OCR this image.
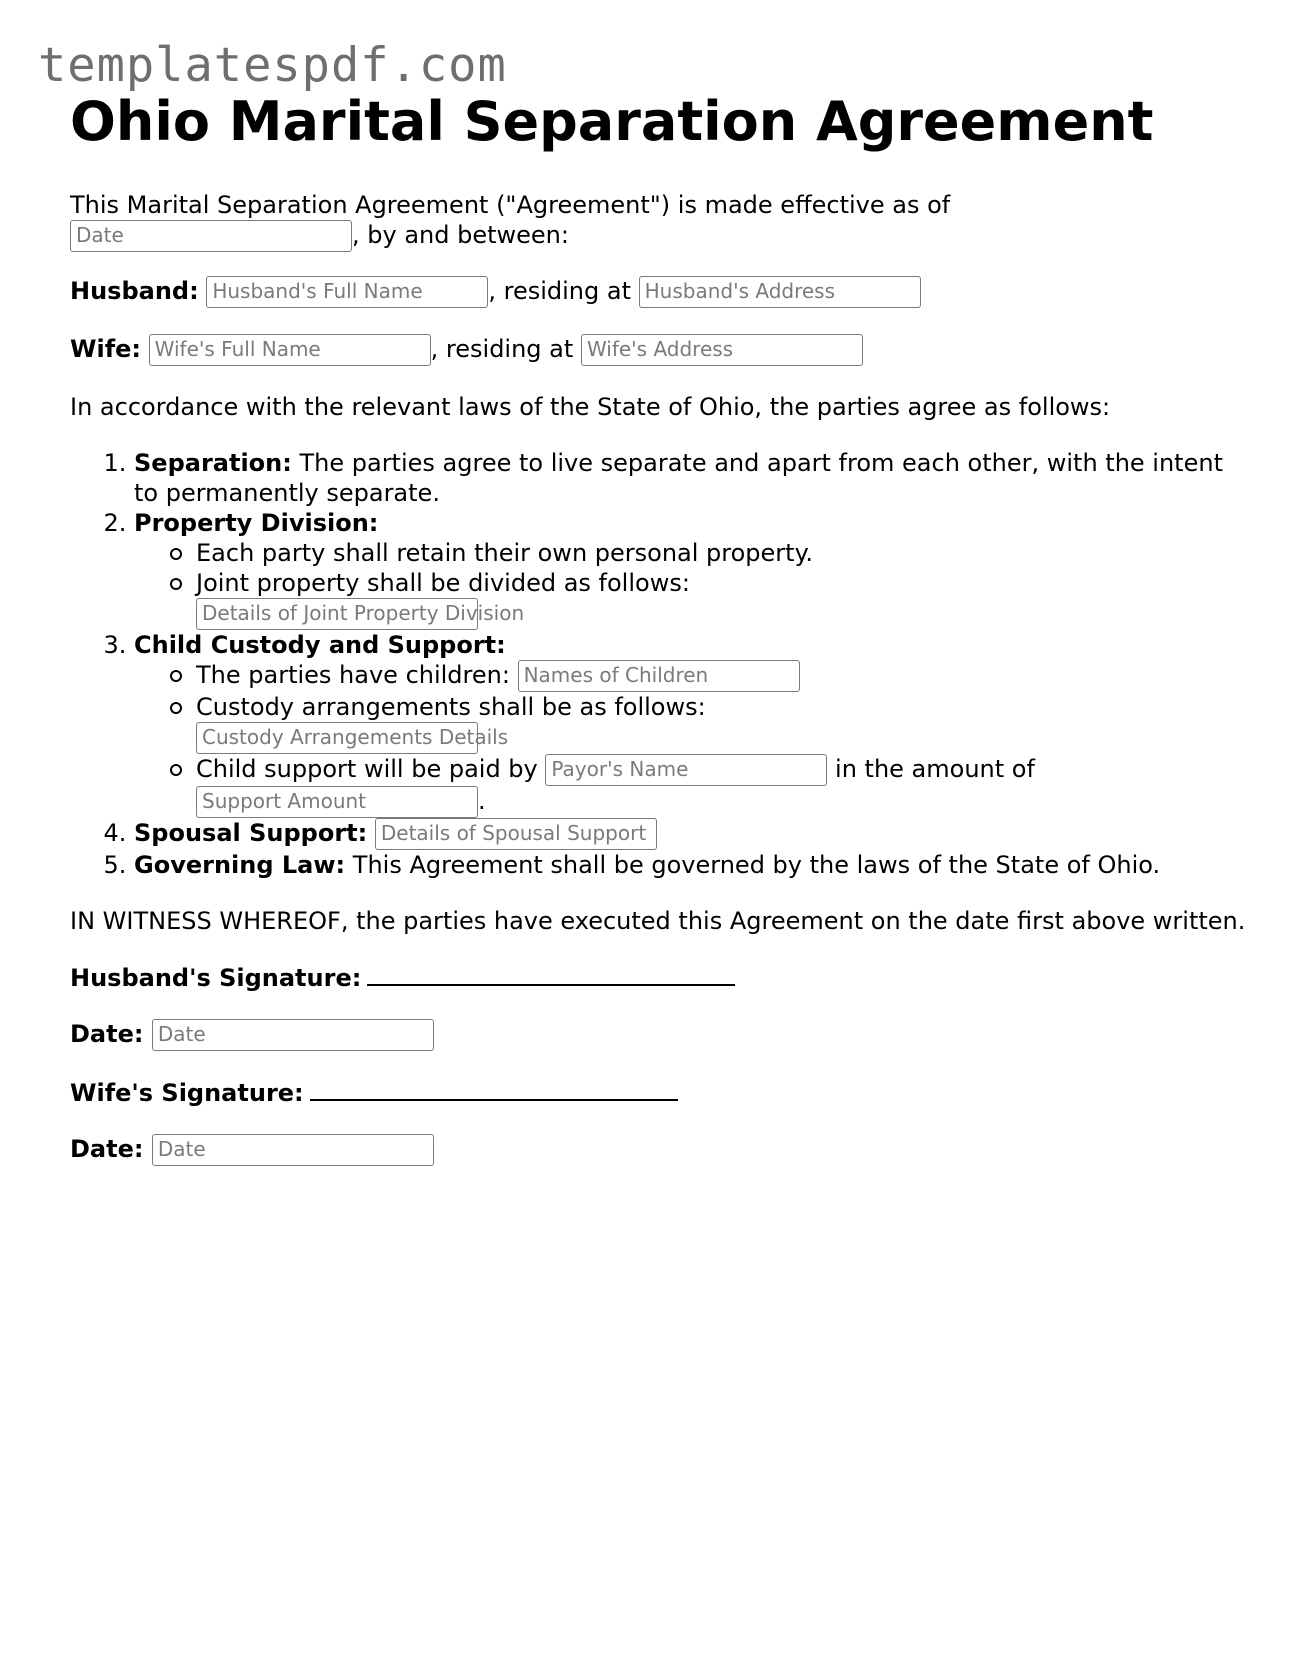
templatespdf.com
Ohio Marital Separation Agreement

This Marital Separation Agreement ("Agreement") is made effective as of
Date	, by and between:

Husband: Husband's Full Name	, residing at Husband's Address

Wife: Wife's Full Name	, residing at Wife's Address

In accordance with the relevant laws of the State of Ohio, the parties agree as follows:

1. Separation: The parties agree to live separate and apart from each other, with the intent to permanently separate.
2. Property Division:
Each party shall retain their own personal property.
Joint property shall be divided as follows:
Details of Joint Property Division
3. Child Custody and Support:
The parties have children: Names of Children
Custody arrangements shall be as follows:
Custody Arrangements Details
Child support will be paid by Payor's Name	in the amount of
Support Amount	.
4. Spousal Support: Details of Spousal Support
5. Governing Law: This Agreement shall be governed by the laws of the State of Ohio.

IN WITNESS WHEREOF, the parties have executed this Agreement on the date first above written.

Husband's Signature:

Date: Date

Wife's Signature:

Date: Date
